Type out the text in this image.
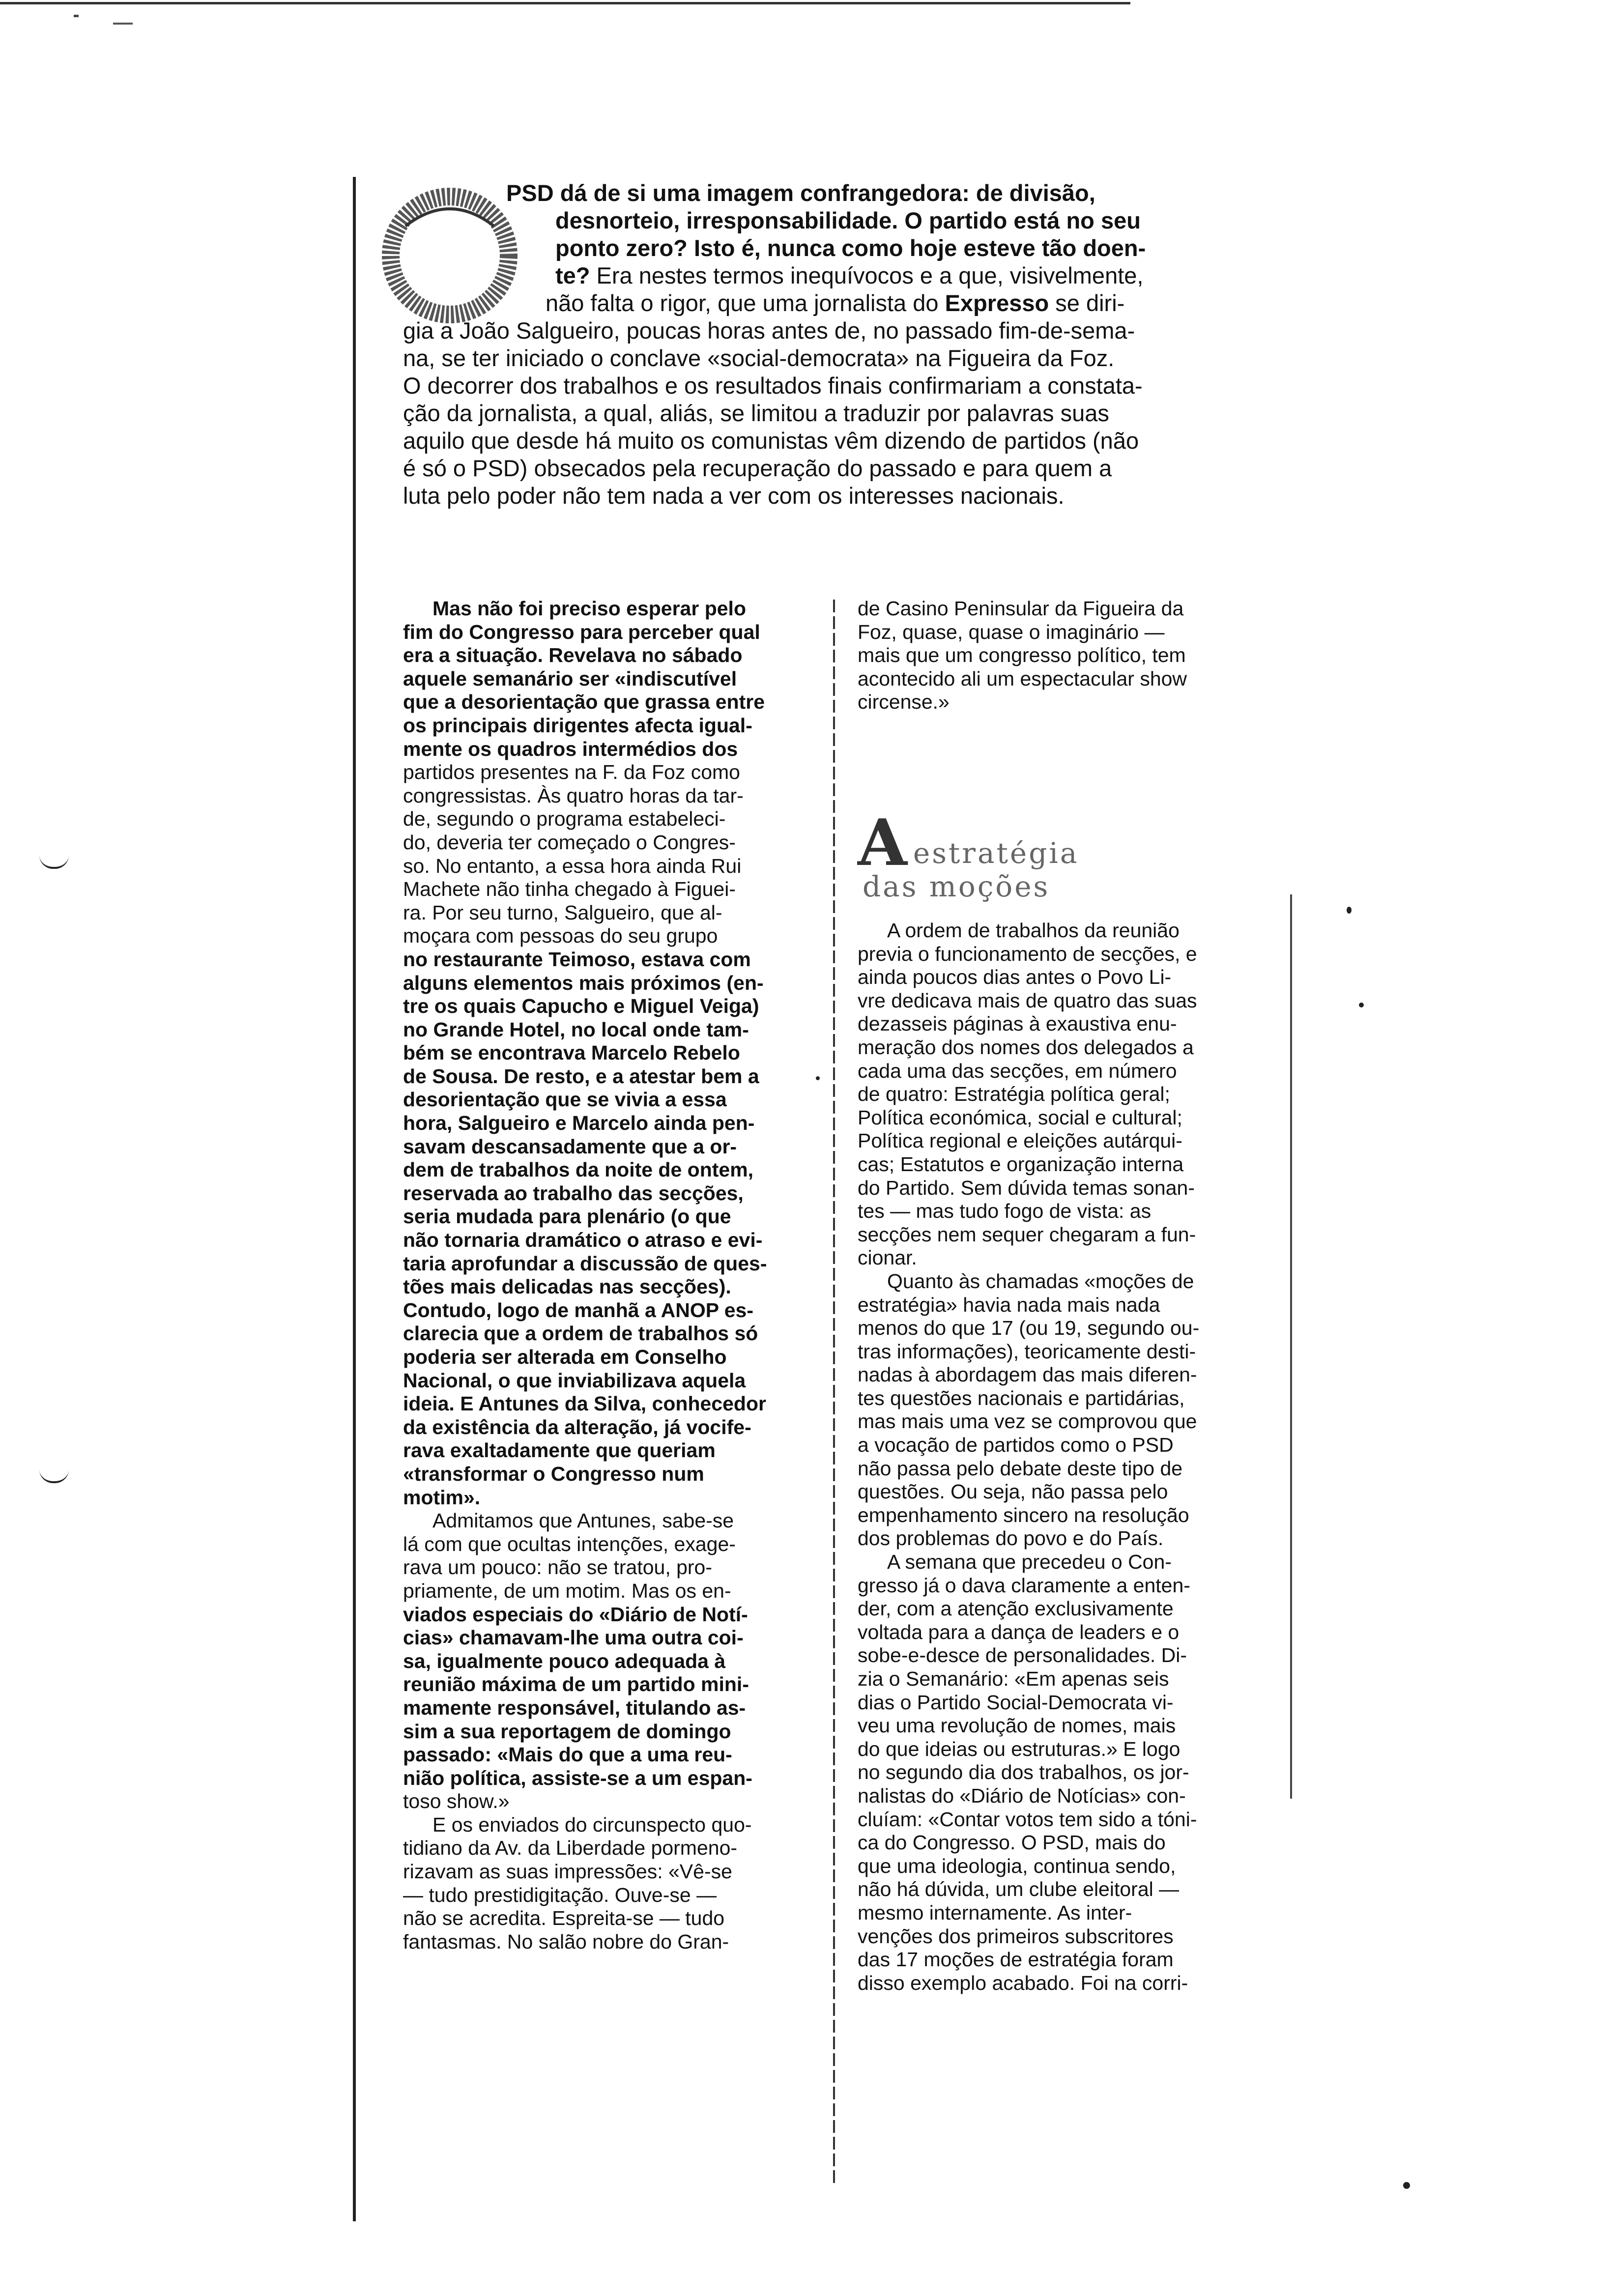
PSD dá de si uma imagem confrangedora: de divisão,
desnorteio, irresponsabilidade. O partido está no seu
ponto zero? Isto é, nunca como hoje esteve tão doen-
te? Era nestes termos inequívocos e a que, visivelmente,
não falta o rigor, que uma jornalista do Expresso se diri-
gia a João Salgueiro, poucas horas antes de, no passado fim-de-sema-
na, se ter iniciado o conclave «social-democrata» na Figueira da Foz.
O decorrer dos trabalhos e os resultados finais confirmariam a constata-
ção da jornalista, a qual, aliás, se limitou a traduzir por palavras suas
aquilo que desde há muito os comunistas vêm dizendo de partidos (não
é só o PSD) obsecados pela recuperação do passado e para quem a
luta pelo poder não tem nada a ver com os interesses nacionais.

Mas não foi preciso esperar pelo
fim do Congresso para perceber qual
era a situação. Revelava no sábado
aquele semanário ser «indiscutível
que a desorientação que grassa entre
os principais dirigentes afecta igual-
mente os quadros intermédios dos
partidos presentes na F. da Foz como
congressistas. Às quatro horas da tar-
de, segundo o programa estabeleci-
do, deveria ter começado o Congres-
so. No entanto, a essa hora ainda Rui
Machete não tinha chegado à Figuei-
ra. Por seu turno, Salgueiro, que al-
moçara com pessoas do seu grupo
no restaurante Teimoso, estava com
alguns elementos mais próximos (en-
tre os quais Capucho e Miguel Veiga)
no Grande Hotel, no local onde tam-
bém se encontrava Marcelo Rebelo
de Sousa. De resto, e a atestar bem a
desorientação que se vivia a essa
hora, Salgueiro e Marcelo ainda pen-
savam descansadamente que a or-
dem de trabalhos da noite de ontem,
reservada ao trabalho das secções,
seria mudada para plenário (o que
não tornaria dramático o atraso e evi-
taria aprofundar a discussão de ques-
tões mais delicadas nas secções).
Contudo, logo de manhã a ANOP es-
clarecia que a ordem de trabalhos só
poderia ser alterada em Conselho
Nacional, o que inviabilizava aquela
ideia. E Antunes da Silva, conhecedor
da existência da alteração, já vocife-
rava exaltadamente que queriam
«transformar o Congresso num
motim».

Admitamos que Antunes, sabe-se
lá com que ocultas intenções, exage-
rava um pouco: não se tratou, pro-
priamente, de um motim. Mas os en-
viados especiais do «Diário de Notí-
cias» chamavam-lhe uma outra coi-
sa, igualmente pouco adequada à
reunião máxima de um partido mini-
mamente responsável, titulando as-
sim a sua reportagem de domingo
passado: «Mais do que a uma reu-
nião política, assiste-se a um espan-
toso show.»

E os enviados do circunspecto quo-
tidiano da Av. da Liberdade pormeno-
rizavam as suas impressões: «Vê-se
— tudo prestidigitação. Ouve-se —
não se acredita. Espreita-se — tudo
fantasmas. No salão nobre do Gran-

de Casino Peninsular da Figueira da
Foz, quase, quase o imaginário —
mais que um congresso político, tem
acontecido ali um espectacular show
circense.»
A estratégia
das moções

A ordem de trabalhos da reunião
previa o funcionamento de secções, e
ainda poucos dias antes o Povo Li-
vre dedicava mais de quatro das suas
dezasseis páginas à exaustiva enu-
meração dos nomes dos delegados a
cada uma das secções, em número
de quatro: Estratégia política geral;
Política económica, social e cultural;
Política regional e eleições autárqui-
cas; Estatutos e organização interna
do Partido. Sem dúvida temas sonan-
tes — mas tudo fogo de vista: as
secções nem sequer chegaram a fun-
cionar.

Quanto às chamadas «moções de
estratégia» havia nada mais nada
menos do que 17 (ou 19, segundo ou-
tras informações), teoricamente desti-
nadas à abordagem das mais diferen-
tes questões nacionais e partidárias,
mas mais uma vez se comprovou que
a vocação de partidos como o PSD
não passa pelo debate deste tipo de
questões. Ou seja, não passa pelo
empenhamento sincero na resolução
dos problemas do povo e do País.

A semana que precedeu o Con-
gresso já o dava claramente a enten-
der, com a atenção exclusivamente
voltada para a dança de leaders e o
sobe-e-desce de personalidades. Di-
zia o Semanário: «Em apenas seis
dias o Partido Social-Democrata vi-
veu uma revolução de nomes, mais
do que ideias ou estruturas.» E logo
no segundo dia dos trabalhos, os jor-
nalistas do «Diário de Notícias» con-
cluíam: «Contar votos tem sido a tóni-
ca do Congresso. O PSD, mais do
que uma ideologia, continua sendo,
não há dúvida, um clube eleitoral —
mesmo internamente. As inter-
venções dos primeiros subscritores
das 17 moções de estratégia foram
disso exemplo acabado. Foi na corri-
